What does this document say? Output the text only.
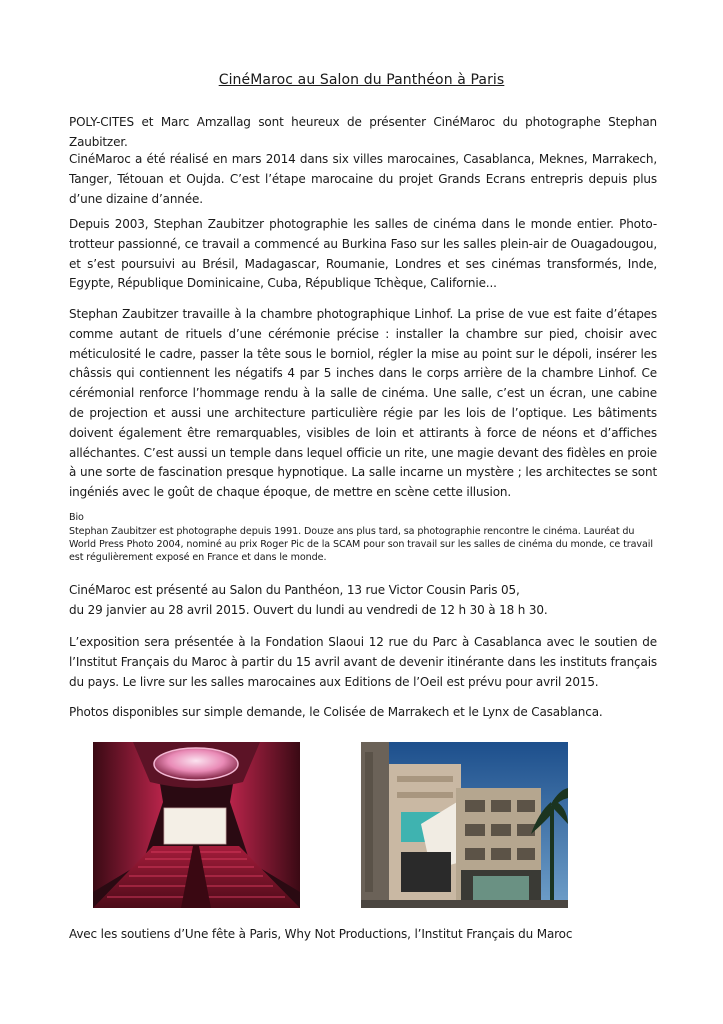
CinéMaroc au Salon du Panthéon à Paris
POLY-CITES et Marc Amzallag sont heureux de présenter CinéMaroc du photographe Stephan Zaubitzer.
CinéMaroc a été réalisé en mars 2014 dans six villes marocaines, Casablanca, Meknes, Marrakech, Tanger, Tétouan et Oujda. C’est l’étape marocaine du projet Grands Ecrans entrepris depuis plus d’une dizaine d’année.
Depuis 2003, Stephan Zaubitzer photographie les salles de cinéma dans le monde entier. Photo-trotteur passionné, ce travail a commencé au Burkina Faso sur les salles plein-air de Ouagadougou, et s’est poursuivi au Brésil, Madagascar, Roumanie, Londres et ses cinémas transformés, Inde, Egypte, République Dominicaine, Cuba, République Tchèque, Californie...
Stephan Zaubitzer travaille à la chambre photographique Linhof. La prise de vue est faite d’étapes comme autant de rituels d’une cérémonie précise : installer la chambre sur pied, choisir avec méticulosité le cadre, passer la tête sous le borniol, régler la mise au point sur le dépoli, insérer les châssis qui contiennent les négatifs 4 par 5 inches dans le corps arrière de la chambre Linhof. Ce cérémonial renforce l’hommage rendu à la salle de cinéma. Une salle, c’est un écran, une cabine de projection et aussi une architecture particulière régie par les lois de l’optique. Les bâtiments doivent également être remarquables, visibles de loin et attirants à force de néons et d’affiches alléchantes. C’est aussi un temple dans lequel officie un rite, une magie devant des fidèles en proie à une sorte de fascination presque hypnotique. La salle incarne un mystère ; les architectes se sont ingéniés avec le goût de chaque époque, de mettre en scène cette illusion.
Bio
Stephan Zaubitzer est photographe depuis 1991. Douze ans plus tard, sa photographie rencontre le cinéma. Lauréat du World Press Photo 2004, nominé au prix Roger Pic de la SCAM pour son travail sur les salles de cinéma du monde, ce travail est régulièrement exposé en France et dans le monde.
CinéMaroc est présenté au Salon du Panthéon, 13 rue Victor Cousin Paris 05,
du 29 janvier au 28 avril 2015. Ouvert du lundi au vendredi de 12 h 30 à 18 h 30.
L’exposition sera présentée à la Fondation Slaoui 12 rue du Parc à Casablanca avec le soutien de l’Institut Français du Maroc à partir du 15 avril avant de devenir itinérante dans les instituts français du pays. Le livre sur les salles marocaines aux Editions de l’Oeil est prévu pour avril 2015.
Photos disponibles sur simple demande, le Colisée de Marrakech et le Lynx de Casablanca.
Avec les soutiens d’Une fête à Paris, Why Not Productions, l’Institut Français du Maroc
